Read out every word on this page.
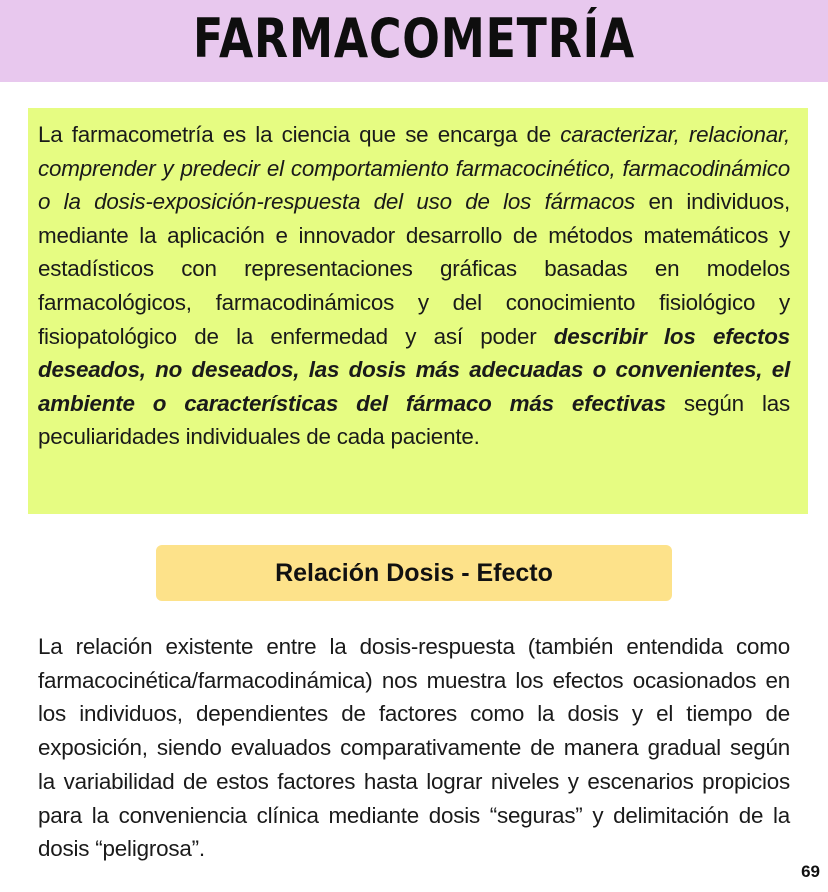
FARMACOMETRÍA

La farmacometría es la ciencia que se encarga de caracterizar, relacionar, comprender y predecir el comportamiento farmacocinético, farmacodinámico o la dosis-exposición-respuesta del uso de los fármacos en individuos, mediante la aplicación e innovador desarrollo de métodos matemáticos y estadísticos con representaciones gráficas basadas en modelos farmacológicos, farmacodinámicos y del conocimiento fisiológico y fisiopatológico de la enfermedad y así poder describir los efectos deseados, no deseados, las dosis más adecuadas o convenientes, el ambiente o características del fármaco más efectivas según las peculiaridades individuales de cada paciente.

Relación Dosis - Efecto

La relación existente entre la dosis-respuesta (también entendida como farmacocinética/farmacodinámica) nos muestra los efectos ocasionados en los individuos, dependientes de factores como la dosis y el tiempo de exposición, siendo evaluados comparativamente de manera gradual según la variabilidad de estos factores hasta lograr niveles y escenarios propicios para la conveniencia clínica mediante dosis “seguras” y delimitación de la dosis “peligrosa”.

69
